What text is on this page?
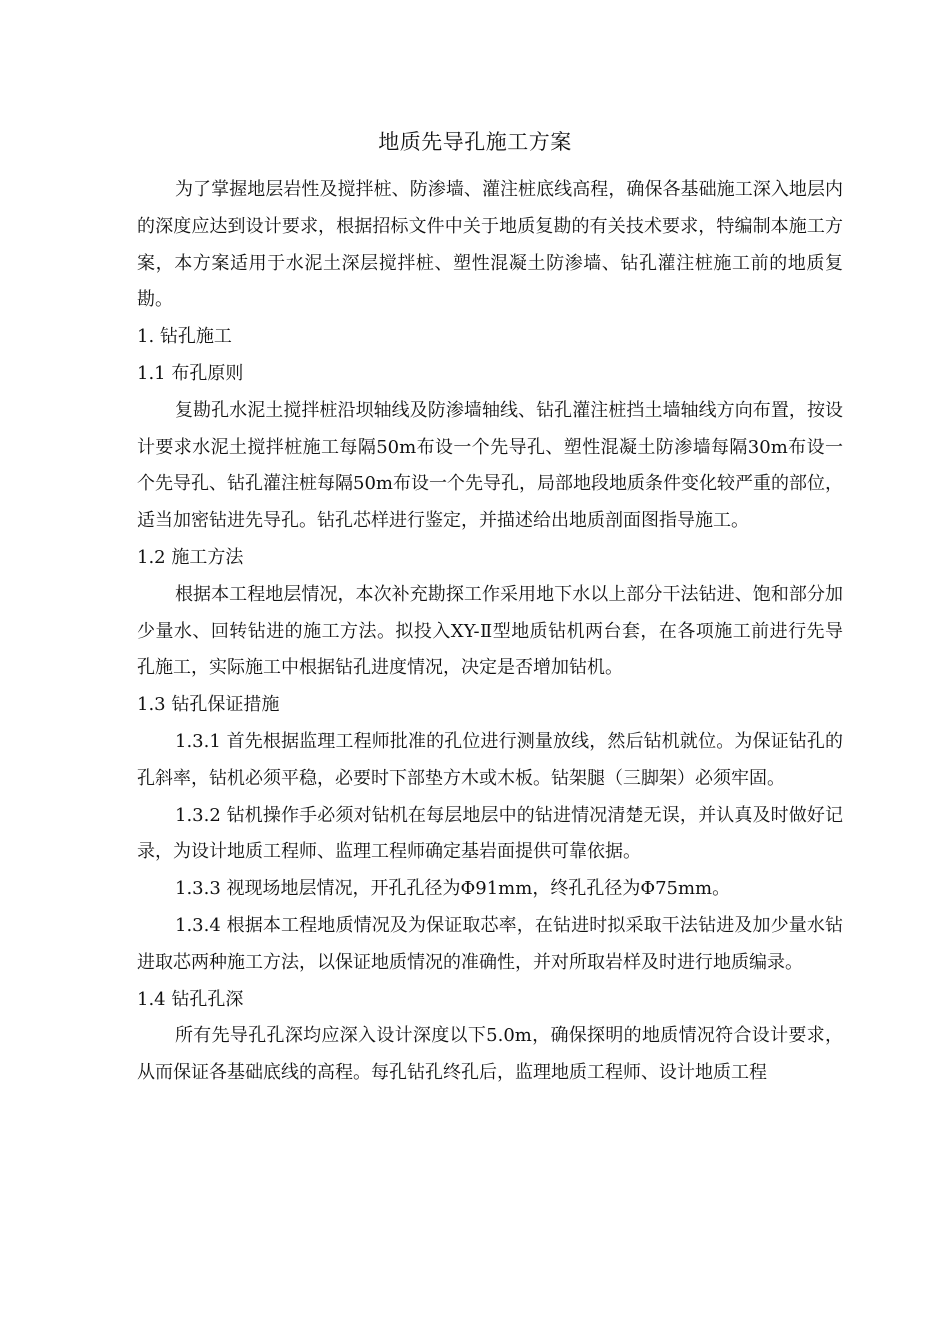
地质先导孔施工方案

为了掌握地层岩性及搅拌桩、防渗墙、灌注桩底线高程，确保各基础施工深入地层内的深度应达到设计要求，根据招标文件中关于地质复勘的有关技术要求，特编制本施工方案，本方案适用于水泥土深层搅拌桩、塑性混凝土防渗墙、钻孔灌注桩施工前的地质复勘。

1. 钻孔施工

1.1 布孔原则

复勘孔水泥土搅拌桩沿坝轴线及防渗墙轴线、钻孔灌注桩挡土墙轴线方向布置，按设计要求水泥土搅拌桩施工每隔50m布设一个先导孔、塑性混凝土防渗墙每隔30m布设一个先导孔、钻孔灌注桩每隔50m布设一个先导孔，局部地段地质条件变化较严重的部位，适当加密钻进先导孔。钻孔芯样进行鉴定，并描述给出地质剖面图指导施工。

1.2 施工方法

根据本工程地层情况，本次补充勘探工作采用地下水以上部分干法钻进、饱和部分加少量水、回转钻进的施工方法。拟投入XY-Ⅱ型地质钻机两台套，在各项施工前进行先导孔施工，实际施工中根据钻孔进度情况，决定是否增加钻机。

1.3 钻孔保证措施

1.3.1 首先根据监理工程师批准的孔位进行测量放线，然后钻机就位。为保证钻孔的孔斜率，钻机必须平稳，必要时下部垫方木或木板。钻架腿（三脚架）必须牢固。

1.3.2 钻机操作手必须对钻机在每层地层中的钻进情况清楚无误，并认真及时做好记录，为设计地质工程师、监理工程师确定基岩面提供可靠依据。

1.3.3 视现场地层情况，开孔孔径为Φ91mm，终孔孔径为Φ75mm。

1.3.4 根据本工程地质情况及为保证取芯率，在钻进时拟采取干法钻进及加少量水钻进取芯两种施工方法，以保证地质情况的准确性，并对所取岩样及时进行地质编录。

1.4 钻孔孔深

所有先导孔孔深均应深入设计深度以下5.0m，确保探明的地质情况符合设计要求，从而保证各基础底线的高程。每孔钻孔终孔后，监理地质工程师、设计地质工程
